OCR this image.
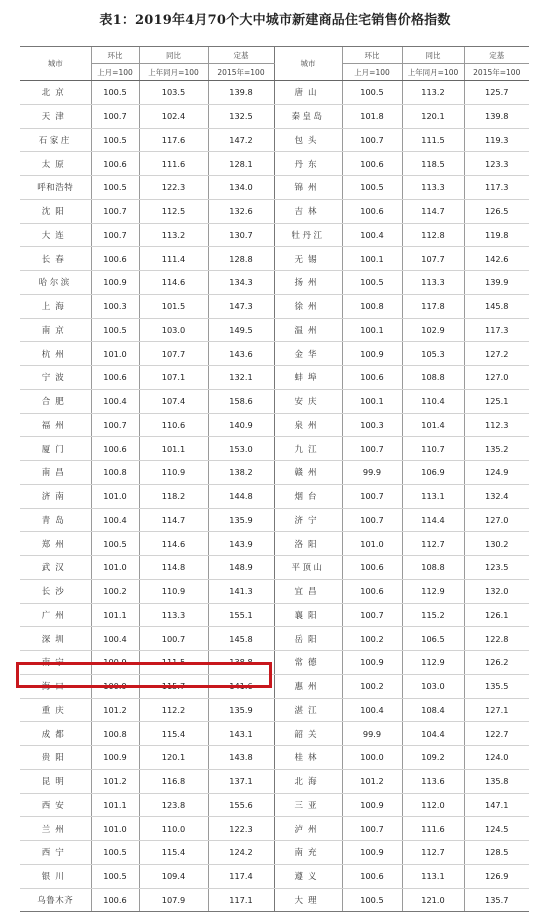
表1：2019年4月70个大中城市新建商品住宅销售价格指数
城市	环比	同比	定基	城市	环比	同比	定基
	上月=100	上年同月=100	2015年=100		上月=100	上年同月=100	2015年=100
北京	100.5	103.5	139.8	唐山	100.5	113.2	125.7
天津	100.7	102.4	132.5	秦皇岛	101.8	120.1	139.8
石家庄	100.5	117.6	147.2	包头	100.7	111.5	119.3
太原	100.6	111.6	128.1	丹东	100.6	118.5	123.3
呼和浩特	100.5	122.3	134.0	锦州	100.5	113.3	117.3
沈阳	100.7	112.5	132.6	吉林	100.6	114.7	126.5
大连	100.7	113.2	130.7	牡丹江	100.4	112.8	119.8
长春	100.6	111.4	128.8	无锡	100.1	107.7	142.6
哈尔滨	100.9	114.6	134.3	扬州	100.5	113.3	139.9
上海	100.3	101.5	147.3	徐州	100.8	117.8	145.8
南京	100.5	103.0	149.5	温州	100.1	102.9	117.3
杭州	101.0	107.7	143.6	金华	100.9	105.3	127.2
宁波	100.6	107.1	132.1	蚌埠	100.6	108.8	127.0
合肥	100.4	107.4	158.6	安庆	100.1	110.4	125.1
福州	100.7	110.6	140.9	泉州	100.3	101.4	112.3
厦门	100.6	101.1	153.0	九江	100.7	110.7	135.2
南昌	100.8	110.9	138.2	赣州	99.9	106.9	124.9
济南	101.0	118.2	144.8	烟台	100.7	113.1	132.4
青岛	100.4	114.7	135.9	济宁	100.7	114.4	127.0
郑州	100.5	114.6	143.9	洛阳	101.0	112.7	130.2
武汉	101.0	114.8	148.9	平顶山	100.6	108.8	123.5
长沙	100.2	110.9	141.3	宜昌	100.6	112.9	132.0
广州	101.1	113.3	155.1	襄阳	100.7	115.2	126.1
深圳	100.4	100.7	145.8	岳阳	100.2	106.5	122.8
南宁	100.9	111.5	138.8	常德	100.9	112.9	126.2
海口	100.9	115.7	141.6	惠州	100.2	103.0	135.5
重庆	101.2	112.2	135.9	湛江	100.4	108.4	127.1
成都	100.8	115.4	143.1	韶关	99.9	104.4	122.7
贵阳	100.9	120.1	143.8	桂林	100.0	109.2	124.0
昆明	101.2	116.8	137.1	北海	101.2	113.6	135.8
西安	101.1	123.8	155.6	三亚	100.9	112.0	147.1
兰州	101.0	110.0	122.3	泸州	100.7	111.6	124.5
西宁	100.5	115.4	124.2	南充	100.9	112.7	128.5
银川	100.5	109.4	117.4	遵义	100.6	113.1	126.9
乌鲁木齐	100.6	107.9	117.1	大理	100.5	121.0	135.7
